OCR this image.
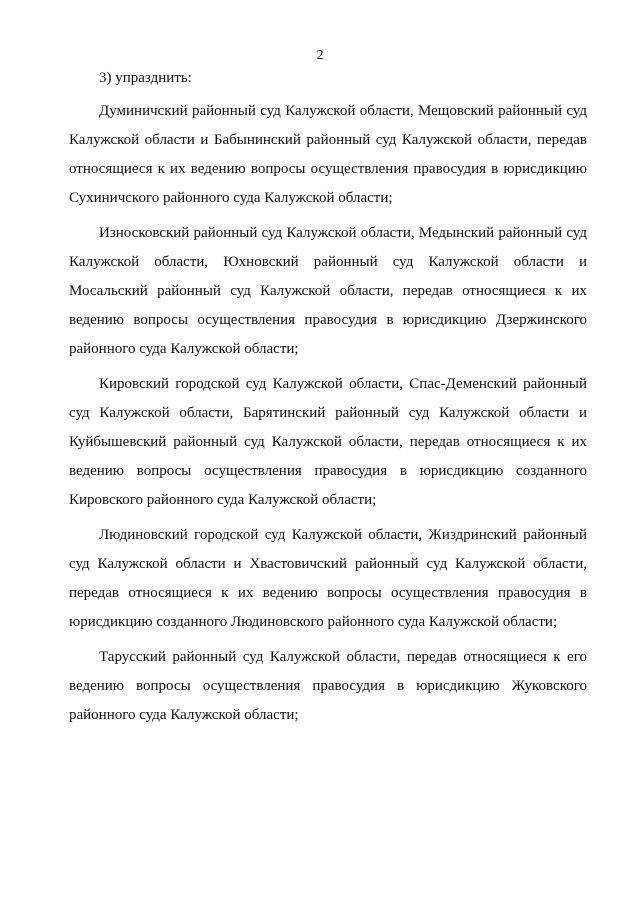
2

3) упразднить:

Думиничский районный суд Калужской области, Мещовский районный суд Калужской области и Бабынинский районный суд Калужской области, передав относящиеся к их ведению вопросы осуществления правосудия в юрисдикцию Сухиничского районного суда Калужской области;

Износковский районный суд Калужской области, Медынский районный суд Калужской области, Юхновский районный суд Калужской области и Мосальский районный суд Калужской области, передав относящиеся к их ведению вопросы осуществления правосудия в юрисдикцию Дзержинского районного суда Калужской области;

Кировский городской суд Калужской области, Спас-Деменский районный суд Калужской области, Барятинский районный суд Калужской области и Куйбышевский районный суд Калужской области, передав относящиеся к их ведению вопросы осуществления правосудия в юрисдикцию созданного Кировского районного суда Калужской области;

Людиновский городской суд Калужской области, Жиздринский районный суд Калужской области и Хвастовичский районный суд Калужской области, передав относящиеся к их ведению вопросы осуществления правосудия в юрисдикцию созданного Людиновского районного суда Калужской области;

Тарусский районный суд Калужской области, передав относящиеся к его ведению вопросы осуществления правосудия в юрисдикцию Жуковского районного суда Калужской области;
